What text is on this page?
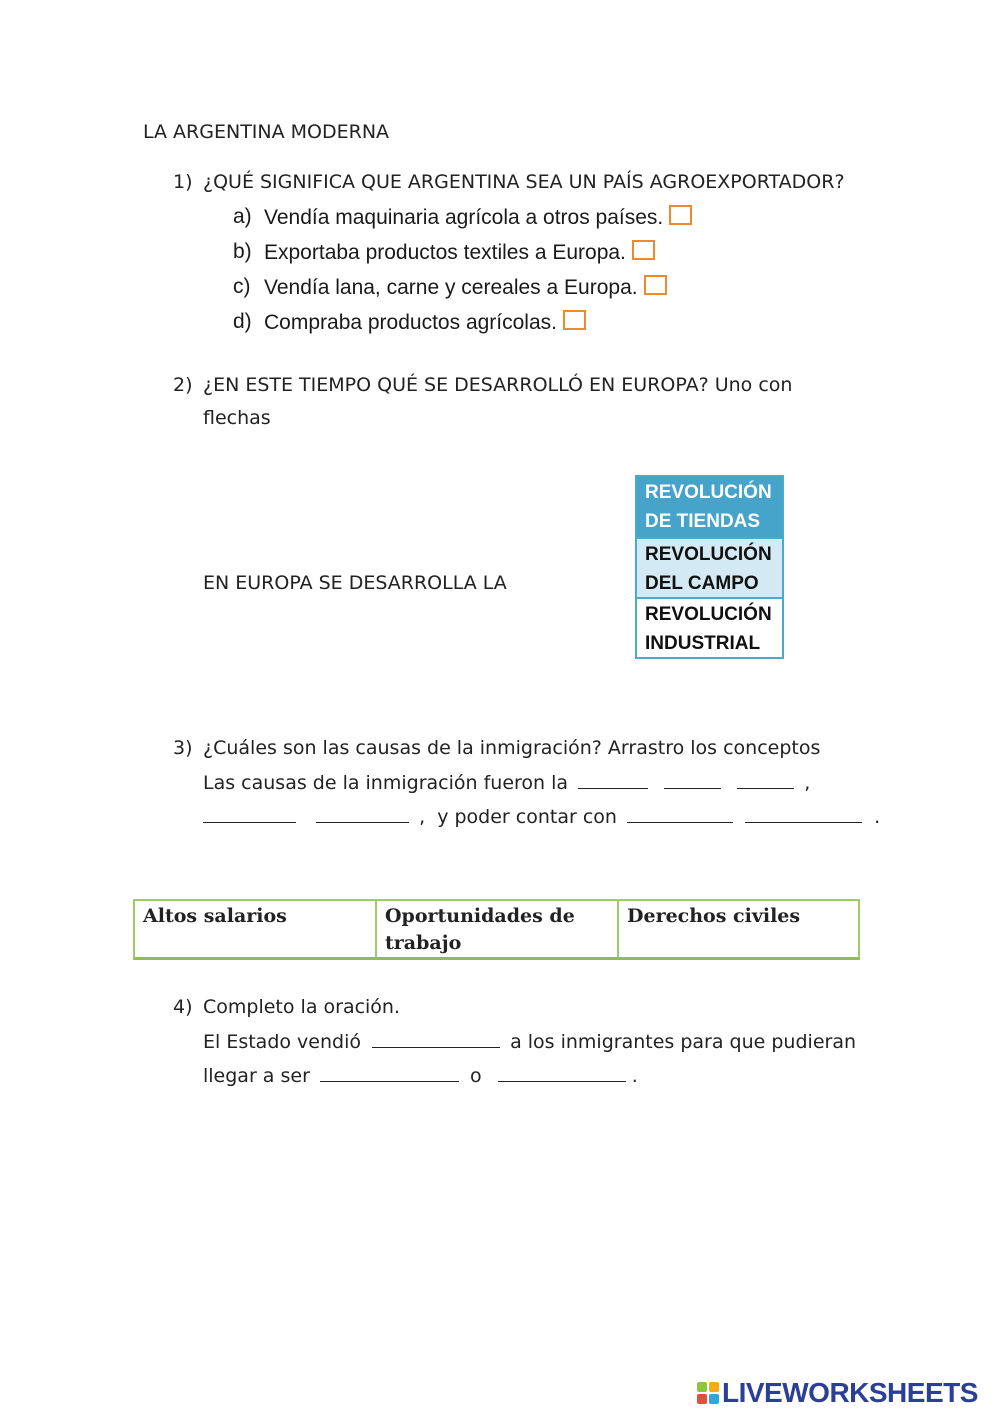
LA ARGENTINA MODERNA
1) ¿QUÉ SIGNIFICA QUE ARGENTINA SEA UN PAÍS AGROEXPORTADOR?
a) Vendía maquinaria agrícola a otros países.
b) Exportaba productos textiles a Europa.
c) Vendía lana, carne y cereales a Europa.
d) Compraba productos agrícolas.
2) ¿EN ESTE TIEMPO QUÉ SE DESARROLLÓ EN EUROPA? Uno con
flechas
EN EUROPA SE DESARROLLA LA
REVOLUCIÓN
DE TIENDAS
REVOLUCIÓN
DEL CAMPO
REVOLUCIÓN
INDUSTRIAL
3) ¿Cuáles son las causas de la inmigración? Arrastro los conceptos
Las causas de la inmigración fueron la	,
, y poder contar con	.
Altos salarios	Oportunidades de
trabajo
Derechos civiles
4) Completo la oración.
El Estado vendió	a los inmigrantes para que pudieran
llegar a ser	o	.
LIVEWORKSHEETS
